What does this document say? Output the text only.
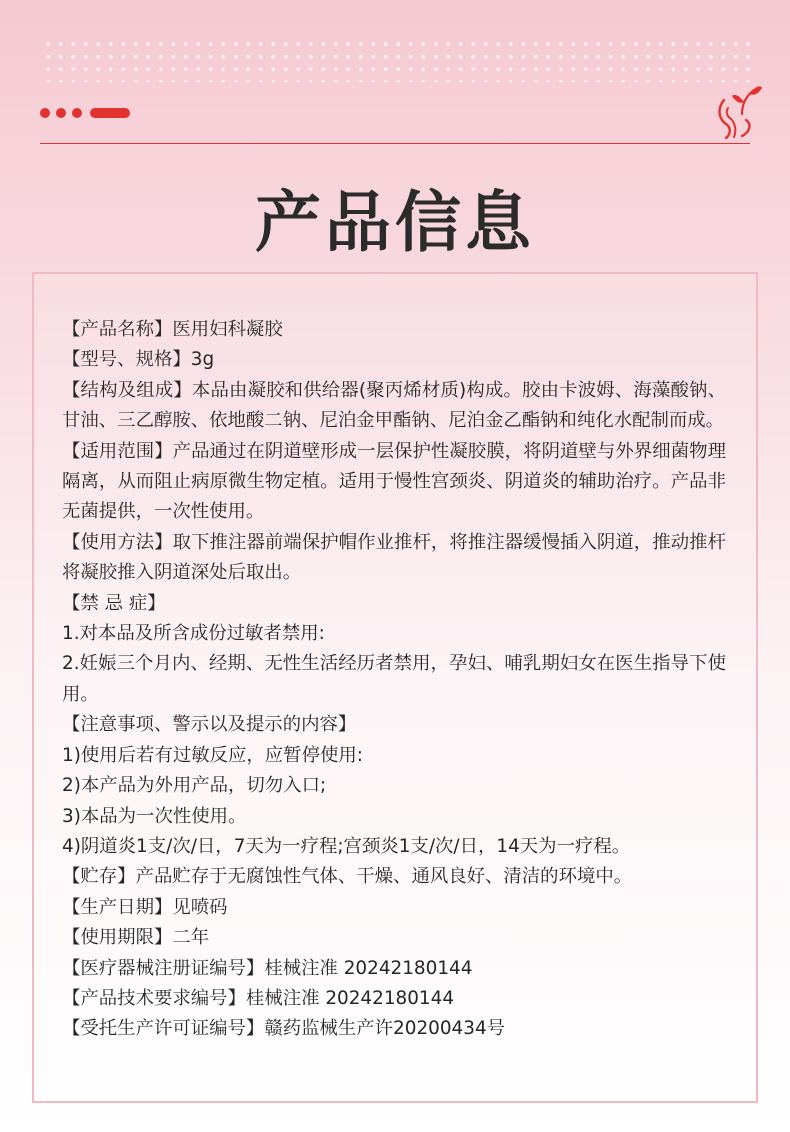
产品信息

【产品名称】医用妇科凝胶

【型号、规格】3g

【结构及组成】本品由凝胶和供给器(聚丙烯材质)构成。胶由卡波姆、海藻酸钠、甘油、三乙醇胺、依地酸二钠、尼泊金甲酯钠、尼泊金乙酯钠和纯化水配制而成。

【适用范围】产品通过在阴道壁形成一层保护性凝胶膜，将阴道壁与外界细菌物理隔离，从而阻止病原微生物定植。适用于慢性宫颈炎、阴道炎的辅助治疗。产品非无菌提供，一次性使用。

【使用方法】取下推注器前端保护帽作业推杆，将推注器缓慢插入阴道，推动推杆将凝胶推入阴道深处后取出。

【禁 忌 症】

1.对本品及所含成份过敏者禁用:

2.妊娠三个月内、经期、无性生活经历者禁用，孕妇、哺乳期妇女在医生指导下使用。

【注意事项、警示以及提示的内容】

1)使用后若有过敏反应，应暂停使用:

2)本产品为外用产品，切勿入口;

3)本品为一次性使用。

4)阴道炎1支/次/日，7天为一疗程;宫颈炎1支/次/日，14天为一疗程。

【贮存】产品贮存于无腐蚀性气体、干燥、通风良好、清洁的环境中。

【生产日期】见喷码

【使用期限】二年

【医疗器械注册证编号】桂械注准 20242180144

【产品技术要求编号】桂械注准 20242180144

【受托生产许可证编号】赣药监械生产许20200434号
